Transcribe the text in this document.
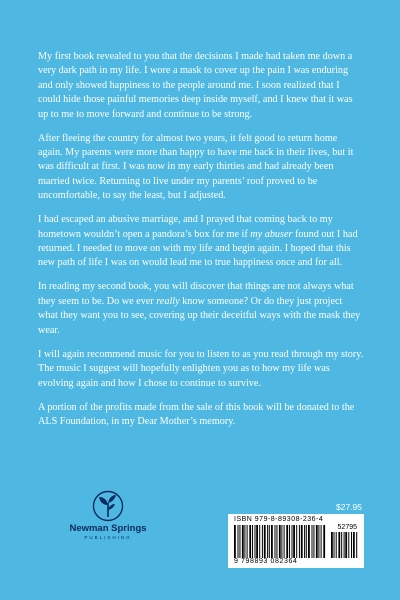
My first book revealed to you that the decisions I made had taken me down a very dark path in my life. I wore a mask to cover up the pain I was enduring and only showed happiness to the people around me. I soon realized that I could hide those painful memories deep inside myself, and I knew that it was up to me to move forward and continue to be strong.

After fleeing the country for almost two years, it felt good to return home again. My parents were more than happy to have me back in their lives, but it was difficult at first. I was now in my early thirties and had already been married twice. Returning to live under my parents’ roof proved to be uncomfortable, to say the least, but I adjusted.

I had escaped an abusive marriage, and I prayed that coming back to my hometown wouldn’t open a pandora’s box for me if my abuser found out I had returned. I needed to move on with my life and begin again. I hoped that this new path of life I was on would lead me to true happiness once and for all.

In reading my second book, you will discover that things are not always what they seem to be. Do we ever really know someone? Or do they just project what they want you to see, covering up their deceitful ways with the mask they wear.

I will again recommend music for you to listen to as you read through my story. The music I suggest will hopefully enlighten you as to how my life was evolving again and how I chose to continue to survive.

A portion of the profits made from the sale of this book will be donated to the ALS Foundation, in my Dear Mother’s memory.

Newman Springs
PUBLISHING
$27.95
ISBN 979-8-89308-236-4
52795
9 798893 082364
